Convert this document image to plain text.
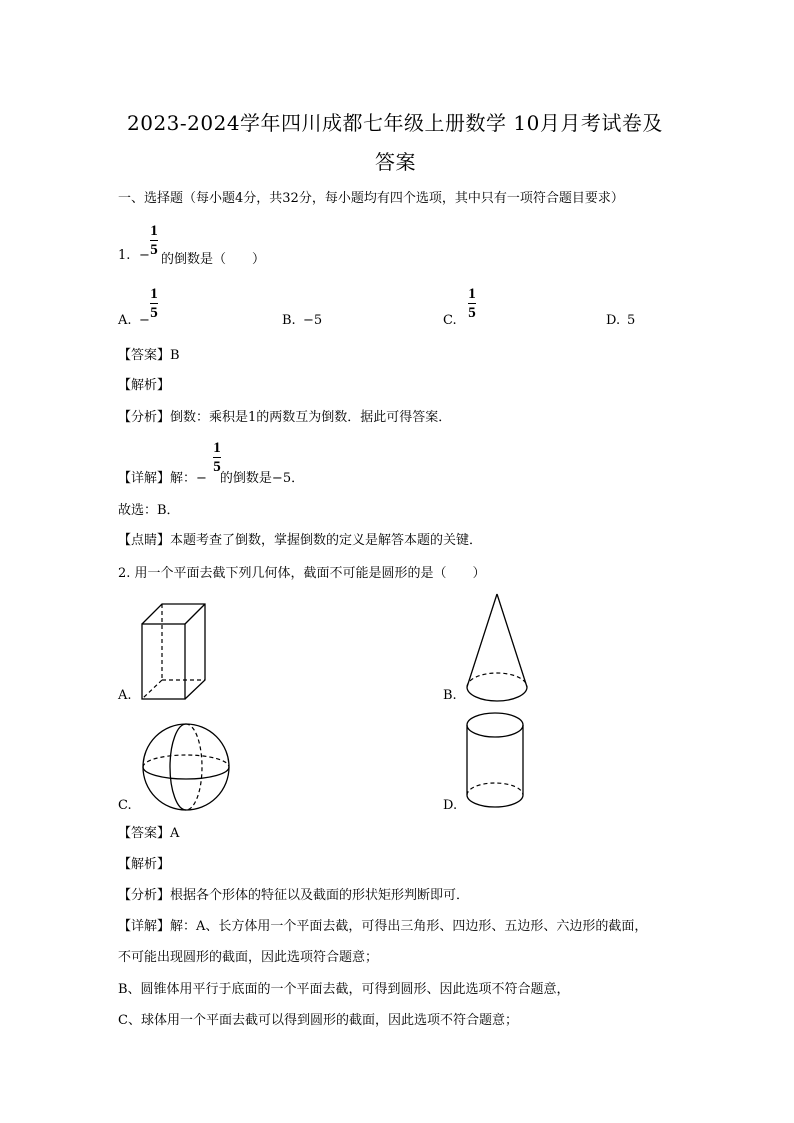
2023-2024学年四川成都七年级上册数学 10月月考试卷及
答案
一、选择题（每小题4分，共32分，每小题均有四个选项，其中只有一项符合题目要求）
1. −
1
5
的倒数是（　　）
A. −
1
5	B. −5	C.
1
5	D. 5
【答案】B
【解析】
【分析】倒数：乘积是1的两数互为倒数．据此可得答案．
【详解】解：− 的倒数是−5．
1
5
故选：B．
【点睛】本题考查了倒数，掌握倒数的定义是解答本题的关键．
2. 用一个平面去截下列几何体，截面不可能是圆形的是（　　）
A.	B.
C.	D.
【答案】A
【解析】
【分析】根据各个形体的特征以及截面的形状矩形判断即可．
【详解】解：A、长方体用一个平面去截，可得出三角形、四边形、五边形、六边形的截面，
不可能出现圆形的截面，因此选项符合题意；
B、圆锥体用平行于底面的一个平面去截，可得到圆形、因此选项不符合题意，
C、球体用一个平面去截可以得到圆形的截面，因此选项不符合题意；
